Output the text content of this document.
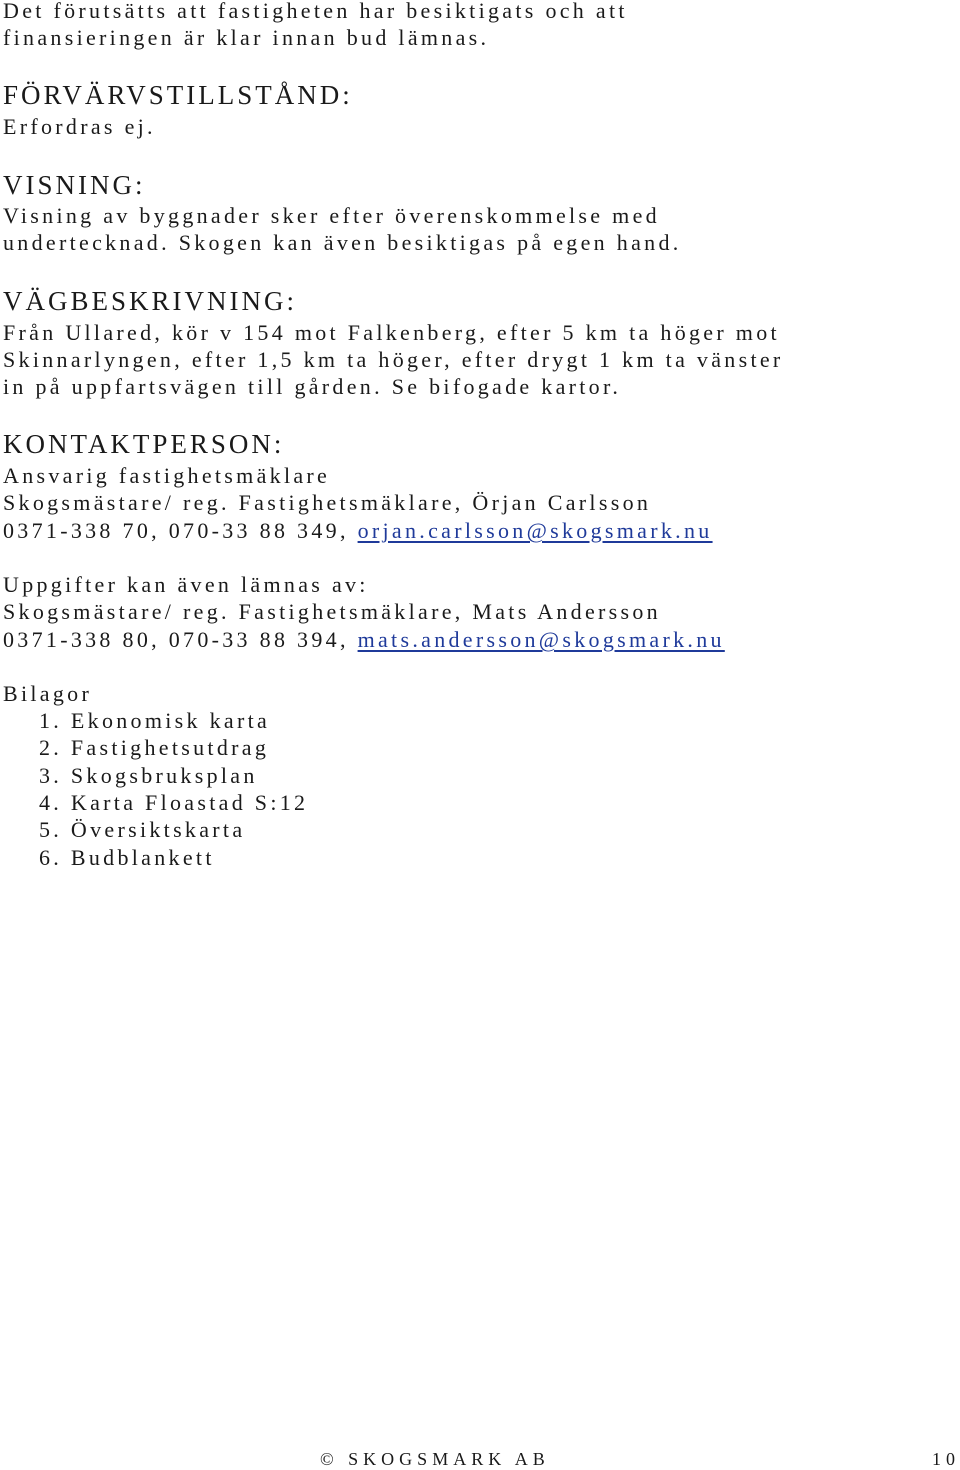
Det förutsätts att fastigheten har besiktigats och att
finansieringen är klar innan bud lämnas.
FÖRVÄRVSTILLSTÅND:
Erfordras ej.
VISNING:
Visning av byggnader sker efter överenskommelse med
undertecknad. Skogen kan även besiktigas på egen hand.
VÄGBESKRIVNING:
Från Ullared, kör v 154 mot Falkenberg, efter 5 km ta höger mot
Skinnarlyngen, efter 1,5 km ta höger, efter drygt 1 km ta vänster
in på uppfartsvägen till gården. Se bifogade kartor.
KONTAKTPERSON:
Ansvarig fastighetsmäklare
Skogsmästare/ reg. Fastighetsmäklare, Örjan Carlsson
0371-338 70, 070-33 88 349, orjan.carlsson@skogsmark.nu
Uppgifter kan även lämnas av:
Skogsmästare/ reg. Fastighetsmäklare, Mats Andersson
0371-338 80, 070-33 88 394, mats.andersson@skogsmark.nu
Bilagor
1. Ekonomisk karta
2. Fastighetsutdrag
3. Skogsbruksplan
4. Karta Floastad S:12
5. Översiktskarta
6. Budblankett
© SKOGSMARK AB	10
